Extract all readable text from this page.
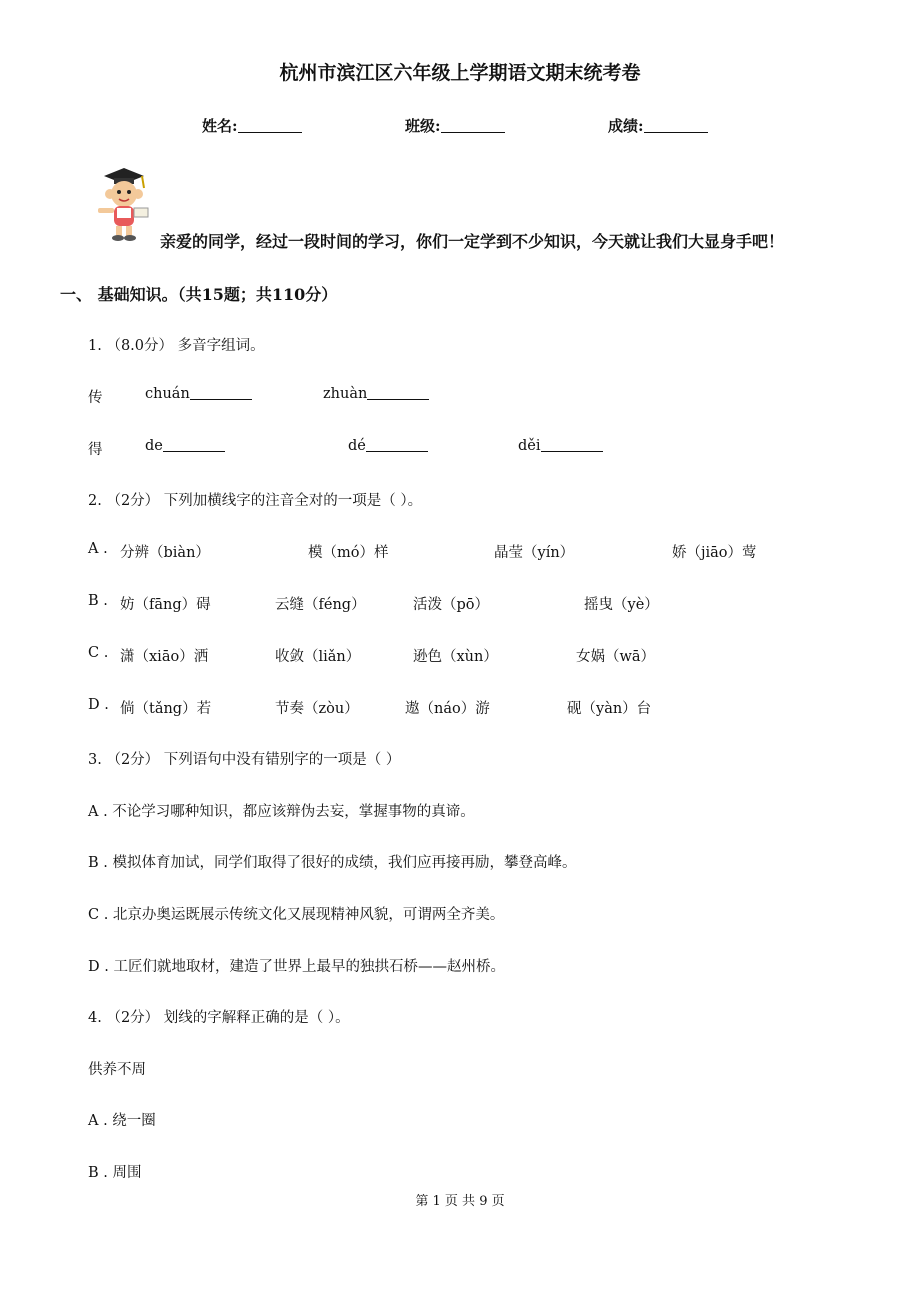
杭州市滨江区六年级上学期语文期末统考卷
姓名:	班级:	成绩:
亲爱的同学，经过一段时间的学习，你们一定学到不少知识，今天就让我们大显身手吧！
一、 基础知识。（共15题；共110分）
1. （8.0分） 多音字组词。
传	chuán	zhuàn
得	de	dé	děi
2. （2分） 下列加横线字的注音全对的一项是（ ）。
A . 分辨（biàn）	模（mó）样	晶莹（yín）	娇（jiāo）莺
B . 妨（fāng）碍	云缝（féng）	活泼（pō）	摇曳（yè）
C . 潇（xiāo）洒	收敛（liǎn）	逊色（xùn）	女娲（wā）
D . 倘（tǎng）若	节奏（zòu）	遨（náo）游	砚（yàn）台
3. （2分） 下列语句中没有错别字的一项是（ ）
A . 不论学习哪种知识，都应该辩伪去妄，掌握事物的真谛。
B . 模拟体育加试，同学们取得了很好的成绩，我们应再接再励，攀登高峰。
C . 北京办奥运既展示传统文化又展现精神风貌，可谓两全齐美。
D . 工匠们就地取材，建造了世界上最早的独拱石桥——赵州桥。
4. （2分） 划线的字解释正确的是（ ）。
供养不周
A . 绕一圈
B . 周围
第 1 页 共 9 页
